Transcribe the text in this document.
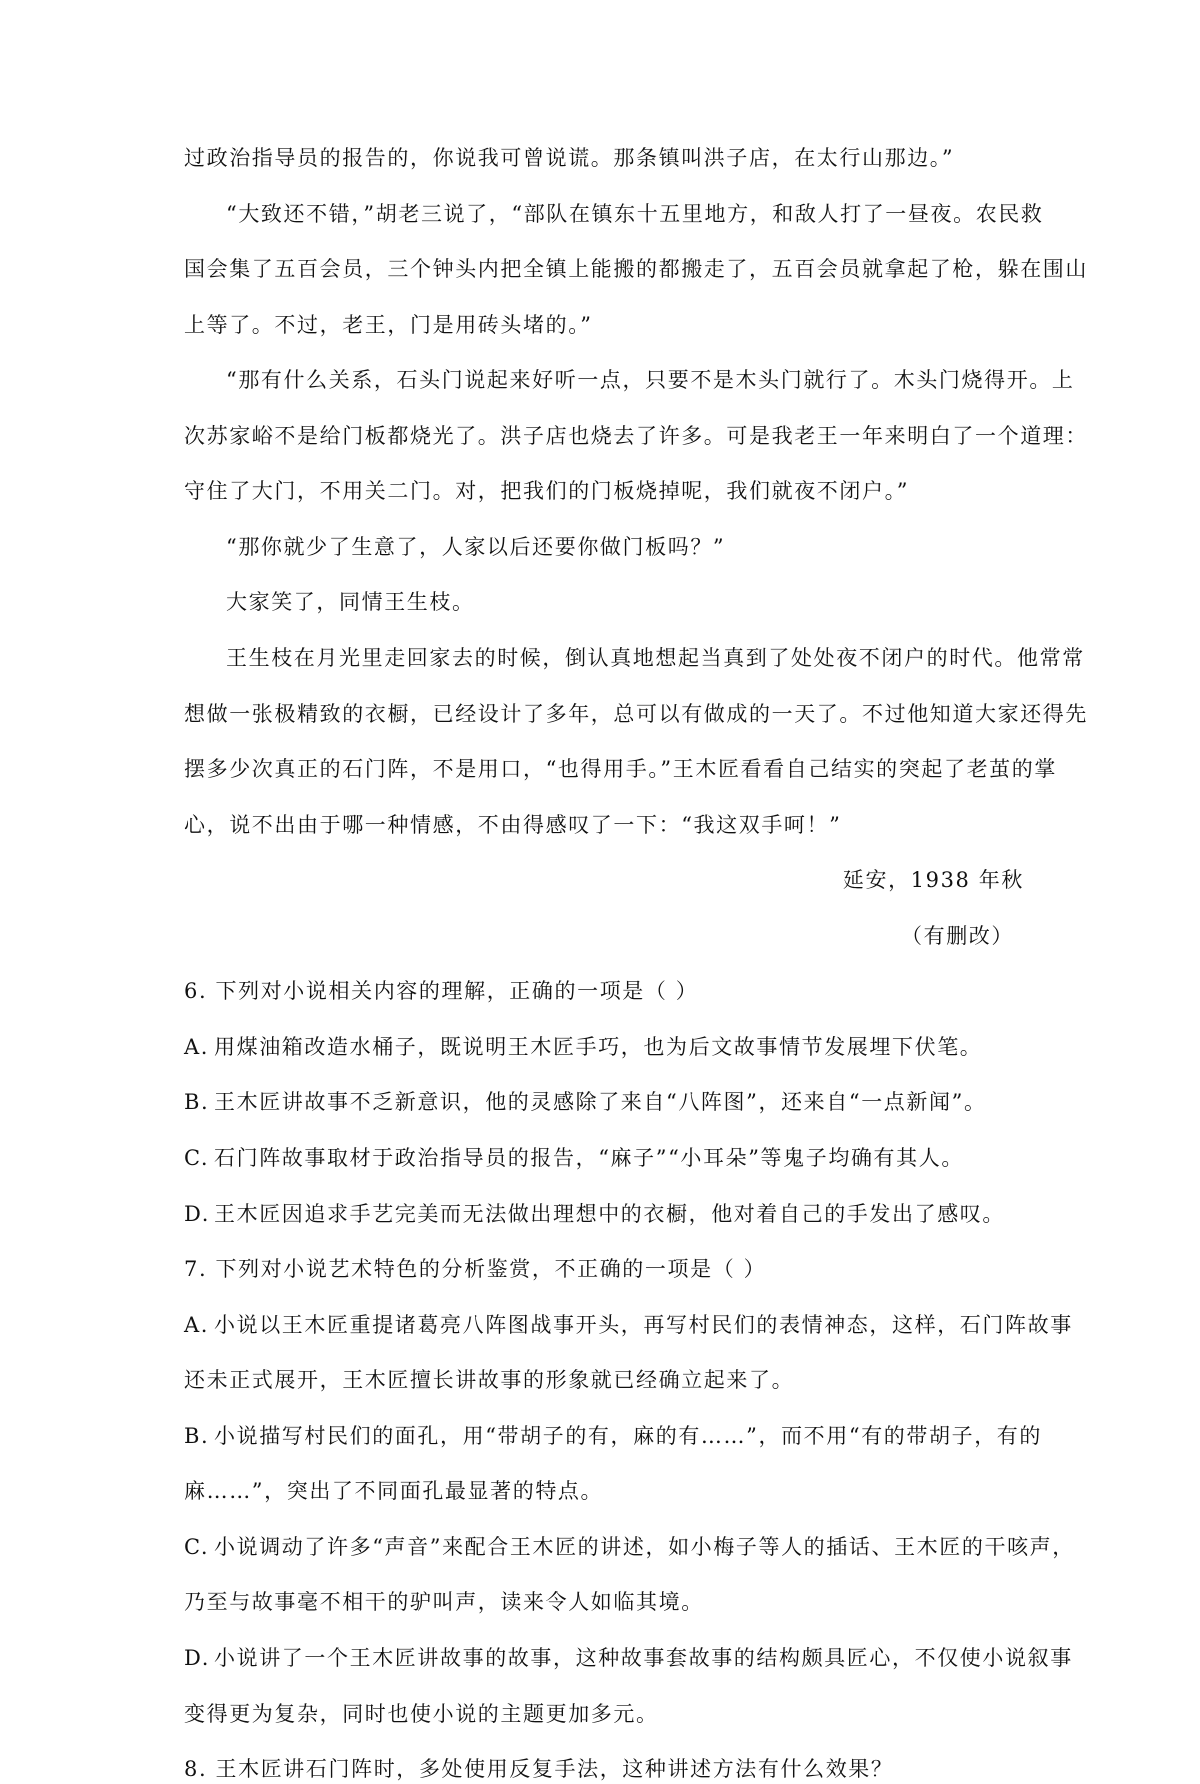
过政治指导员的报告的，你说我可曾说谎。那条镇叫洪子店，在太行山那边。”
“大致还不错，”胡老三说了，“部队在镇东十五里地方，和敌人打了一昼夜。农民救
国会集了五百会员，三个钟头内把全镇上能搬的都搬走了，五百会员就拿起了枪，躲在围山
上等了。不过，老王，门是用砖头堵的。”
“那有什么关系，石头门说起来好听一点，只要不是木头门就行了。木头门烧得开。上
次苏家峪不是给门板都烧光了。洪子店也烧去了许多。可是我老王一年来明白了一个道理：
守住了大门，不用关二门。对，把我们的门板烧掉呢，我们就夜不闭户。”
“那你就少了生意了，人家以后还要你做门板吗？”
大家笑了，同情王生枝。
王生枝在月光里走回家去的时候，倒认真地想起当真到了处处夜不闭户的时代。他常常
想做一张极精致的衣橱，已经设计了多年，总可以有做成的一天了。不过他知道大家还得先
摆多少次真正的石门阵，不是用口，“也得用手。”王木匠看看自己结实的突起了老茧的掌
心，说不出由于哪一种情感，不由得感叹了一下：“我这双手呵！”
延安，1938 年秋
（有删改）
6. 下列对小说相关内容的理解，正确的一项是（ ）
A. 用煤油箱改造水桶子，既说明王木匠手巧，也为后文故事情节发展埋下伏笔。
B. 王木匠讲故事不乏新意识，他的灵感除了来自“八阵图”，还来自“一点新闻”。
C. 石门阵故事取材于政治指导员的报告，“麻子”“小耳朵”等鬼子均确有其人。
D. 王木匠因追求手艺完美而无法做出理想中的衣橱，他对着自己的手发出了感叹。
7. 下列对小说艺术特色的分析鉴赏，不正确的一项是（ ）
A. 小说以王木匠重提诸葛亮八阵图战事开头，再写村民们的表情神态，这样，石门阵故事
还未正式展开，王木匠擅长讲故事的形象就已经确立起来了。
B. 小说描写村民们的面孔，用“带胡子的有，麻的有……”，而不用“有的带胡子，有的
麻……”，突出了不同面孔最显著的特点。
C. 小说调动了许多“声音”来配合王木匠的讲述，如小梅子等人的插话、王木匠的干咳声，
乃至与故事毫不相干的驴叫声，读来令人如临其境。
D. 小说讲了一个王木匠讲故事的故事，这种故事套故事的结构颇具匠心，不仅使小说叙事
变得更为复杂，同时也使小说的主题更加多元。
8. 王木匠讲石门阵时，多处使用反复手法，这种讲述方法有什么效果？
